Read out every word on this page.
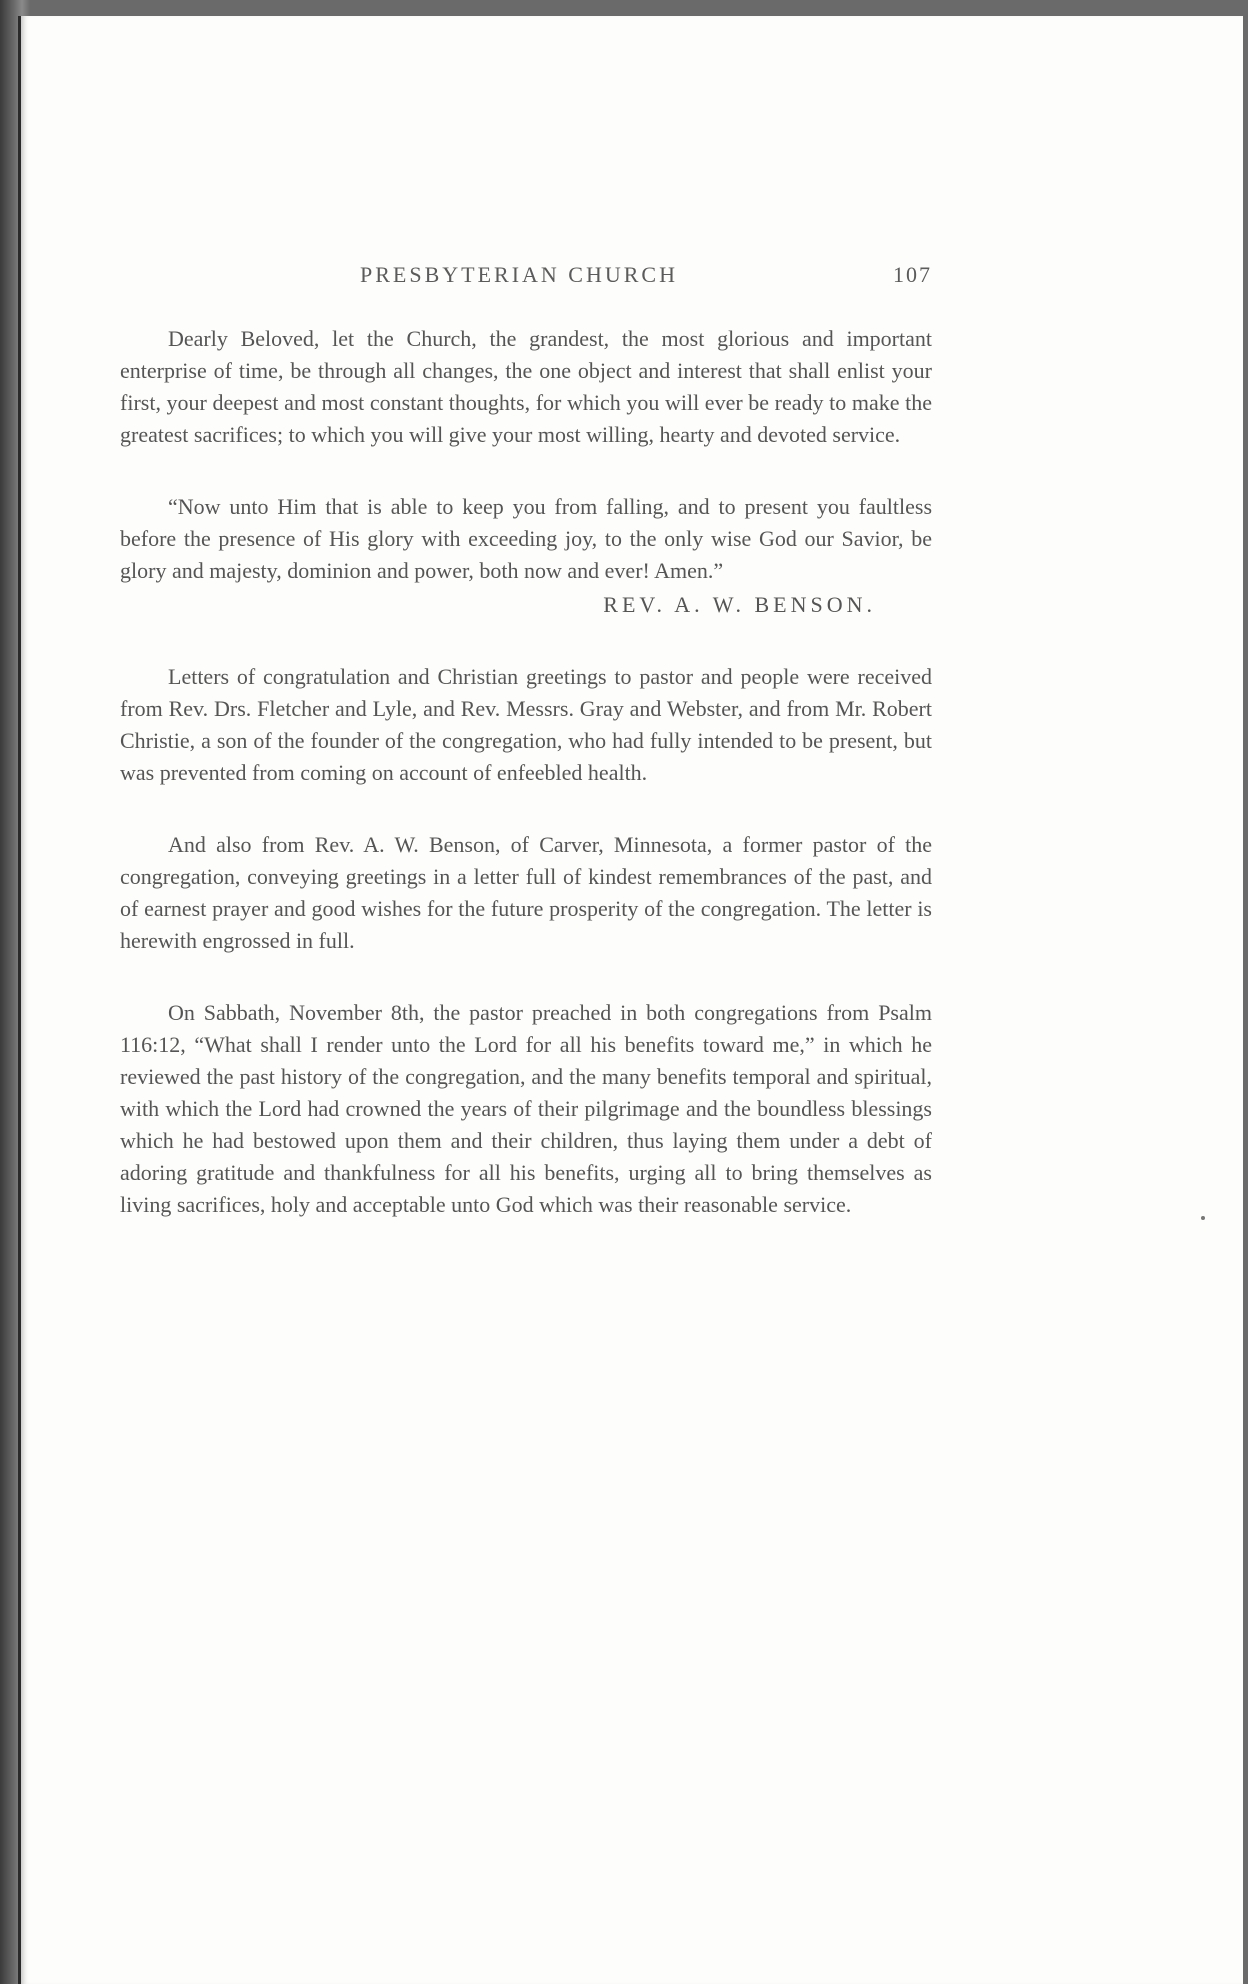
PRESBYTERIAN CHURCH	107

Dearly Beloved, let the Church, the grandest, the most glorious and important enterprise of time, be through all changes, the one object and interest that shall enlist your first, your deepest and most constant thoughts, for which you will ever be ready to make the greatest sacrifices; to which you will give your most willing, hearty and devoted service.

“Now unto Him that is able to keep you from falling, and to present you faultless before the presence of His glory with exceeding joy, to the only wise God our Savior, be glory and majesty, dominion and power, both now and ever! Amen.”

REV. A. W. BENSON.

Letters of congratulation and Christian greetings to pastor and people were received from Rev. Drs. Fletcher and Lyle, and Rev. Messrs. Gray and Webster, and from Mr. Robert Christie, a son of the founder of the congregation, who had fully intended to be present, but was prevented from coming on account of enfeebled health.

And also from Rev. A. W. Benson, of Carver, Minnesota, a former pastor of the congregation, conveying greetings in a letter full of kindest remembrances of the past, and of earnest prayer and good wishes for the future prosperity of the congregation. The letter is herewith engrossed in full.

On Sabbath, November 8th, the pastor preached in both congregations from Psalm 116:12, “What shall I render unto the Lord for all his benefits toward me,” in which he reviewed the past history of the congregation, and the many benefits temporal and spiritual, with which the Lord had crowned the years of their pilgrimage and the boundless blessings which he had bestowed upon them and their children, thus laying them under a debt of adoring gratitude and thankfulness for all his benefits, urging all to bring themselves as living sacrifices, holy and acceptable unto God which was their reasonable service.
